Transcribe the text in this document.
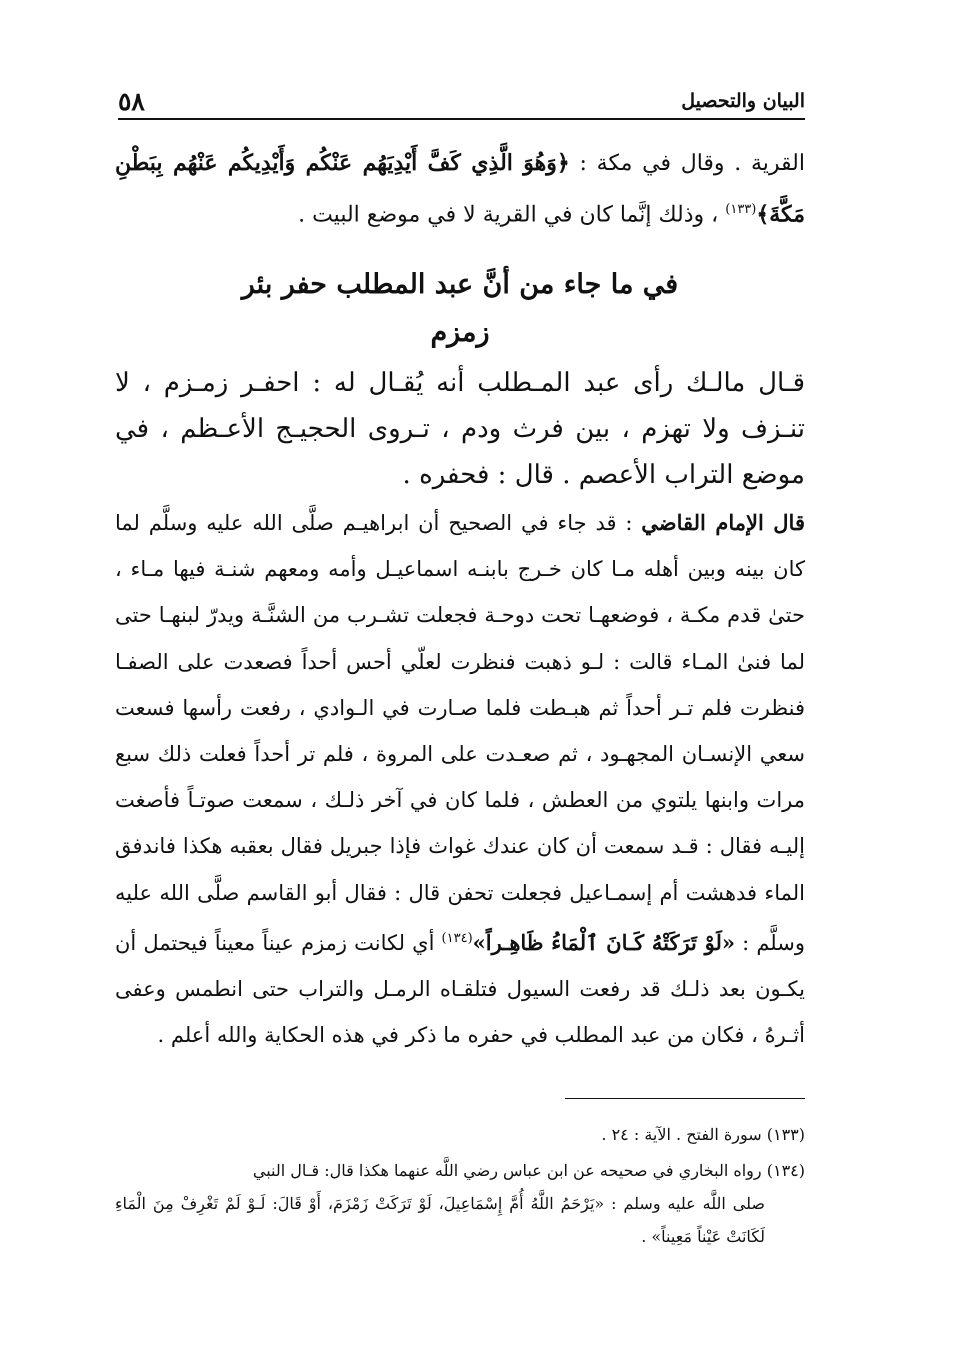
البيان والتحصيل
٥٨

القرية . وقال في مكة : ﴿وَهُوَ الَّذِي كَفَّ أَيْدِيَهُم عَنْكُم وَأَيْدِيكُم عَنْهُم بِبَطْنِ مَكَّةَ﴾$^{(١٣٣)}$ ، وذلك إنَّما كان في القرية لا في موضع البيت .

في ما جاء من أنَّ عبد المطلب حفر بئر

زمزم

قـال مالـك رأى عبد المـطلب أنه يُقـال له : احفـر زمـزم ، لا تنـزف ولا تهزم ، بين فرث ودم ، تـروى الحجيـج الأعـظم ، في موضع التراب الأعصم . قال : فحفره .

قال الإمام القاضي : قد جاء في الصحيح أن ابراهيـم صلَّى الله عليه وسلَّم لما كان بينه وبين أهله مـا كان خـرج بابنـه اسماعيـل وأمه ومعهم شنـة فيها مـاء ، حتىٰ قدم مكـة ، فوضعهـا تحت دوحـة فجعلت تشـرب من الشنَّـة ويدرّ لبنهـا حتى لما فنىٰ المـاء قالت : لـو ذهبت فنظرت لعلّي أحس أحداً فصعدت على الصفـا فنظرت فلم تـر أحداً ثم هبـطت فلما صـارت في الـوادي ، رفعت رأسها فسعت سعي الإنسـان المجهـود ، ثم صعـدت على المروة ، فلم تر أحداً فعلت ذلك سبع مرات وابنها يلتوي من العطش ، فلما كان في آخر ذلـك ، سمعت صوتـاً فأصغت إليـه فقال : قـد سمعت أن كان عندك غواث فإذا جبريل فقال بعقبه هكذا فاندفق الماء فدهشت أم إسمـاعيل فجعلت تحفن قال : فقال أبو القاسم صلَّى الله عليه وسلَّم : «لَوْ تَرَكَتْهُ كَـانَ ٱلْمَاءُ ظَاهِـراً»$^{(١٣٤)}$ أي لكانت زمزم عيناً معيناً فيحتمل أن يكـون بعد ذلـك قد رفعت السيول فتلقـاه الرمـل والتراب حتى انطمس وعفى أثـرهُ ، فكان من عبد المطلب في حفره ما ذكر في هذه الحكاية والله أعلم .

(١٣٣) سورة الفتح . الآية : ٢٤ .

(١٣٤) رواه البخاري في صحيحه عن ابن عباس رضي اللَّه عنهما هكذا قال: قـال النبي
صلى اللَّه عليه وسلم : «يَرْحَمُ اللَّهُ أُمَّ إِسْمَاعِيلَ، لَوْ تَرَكَتْ زَمْزَمَ، أَوْ قَالَ: لَـوْ لَمْ تَغْرِفْ مِنَ الْمَاءِ لَكَانَتْ عَيْناً مَعِيناً» .
